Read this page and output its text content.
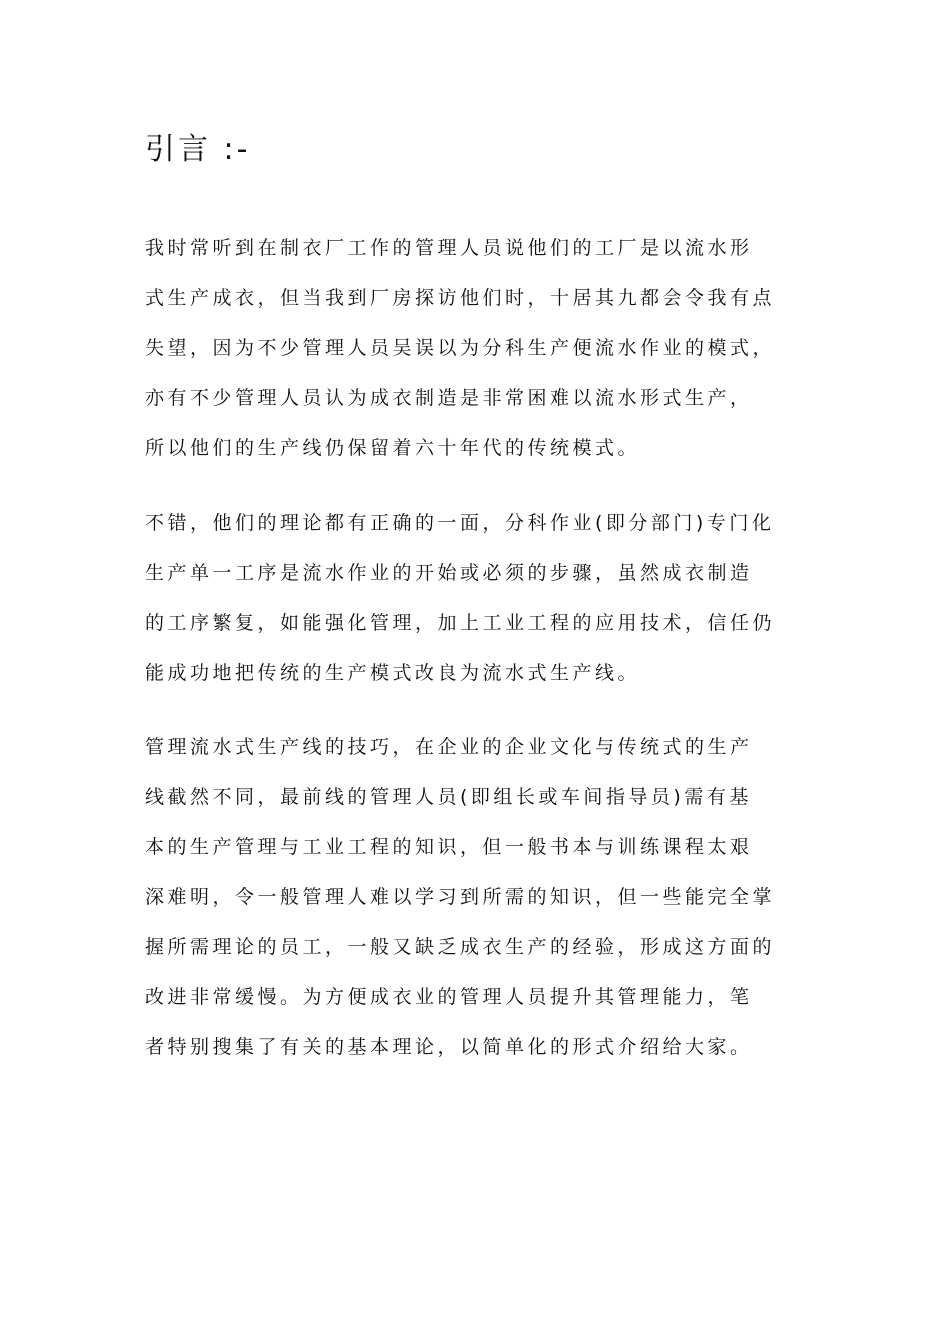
引言 :-
我时常听到在制衣厂工作的管理人员说他们的工厂是以流水形
式生产成衣，但当我到厂房探访他们时，十居其九都会令我有点
失望，因为不少管理人员吴误以为分科生产便流水作业的模式，
亦有不少管理人员认为成衣制造是非常困难以流水形式生产，
所以他们的生产线仍保留着六十年代的传统模式。
不错，他们的理论都有正确的一面，分科作业(即分部门)专门化
生产单一工序是流水作业的开始或必须的步骤，虽然成衣制造
的工序繁复，如能强化管理，加上工业工程的应用技术，信任仍
能成功地把传统的生产模式改良为流水式生产线。
管理流水式生产线的技巧，在企业的企业文化与传统式的生产
线截然不同，最前线的管理人员(即组长或车间指导员)需有基
本的生产管理与工业工程的知识，但一般书本与训练课程太艰
深难明，令一般管理人难以学习到所需的知识，但一些能完全掌
握所需理论的员工，一般又缺乏成衣生产的经验，形成这方面的
改进非常缓慢。为方便成衣业的管理人员提升其管理能力，笔
者特别搜集了有关的基本理论，以简单化的形式介绍给大家。
